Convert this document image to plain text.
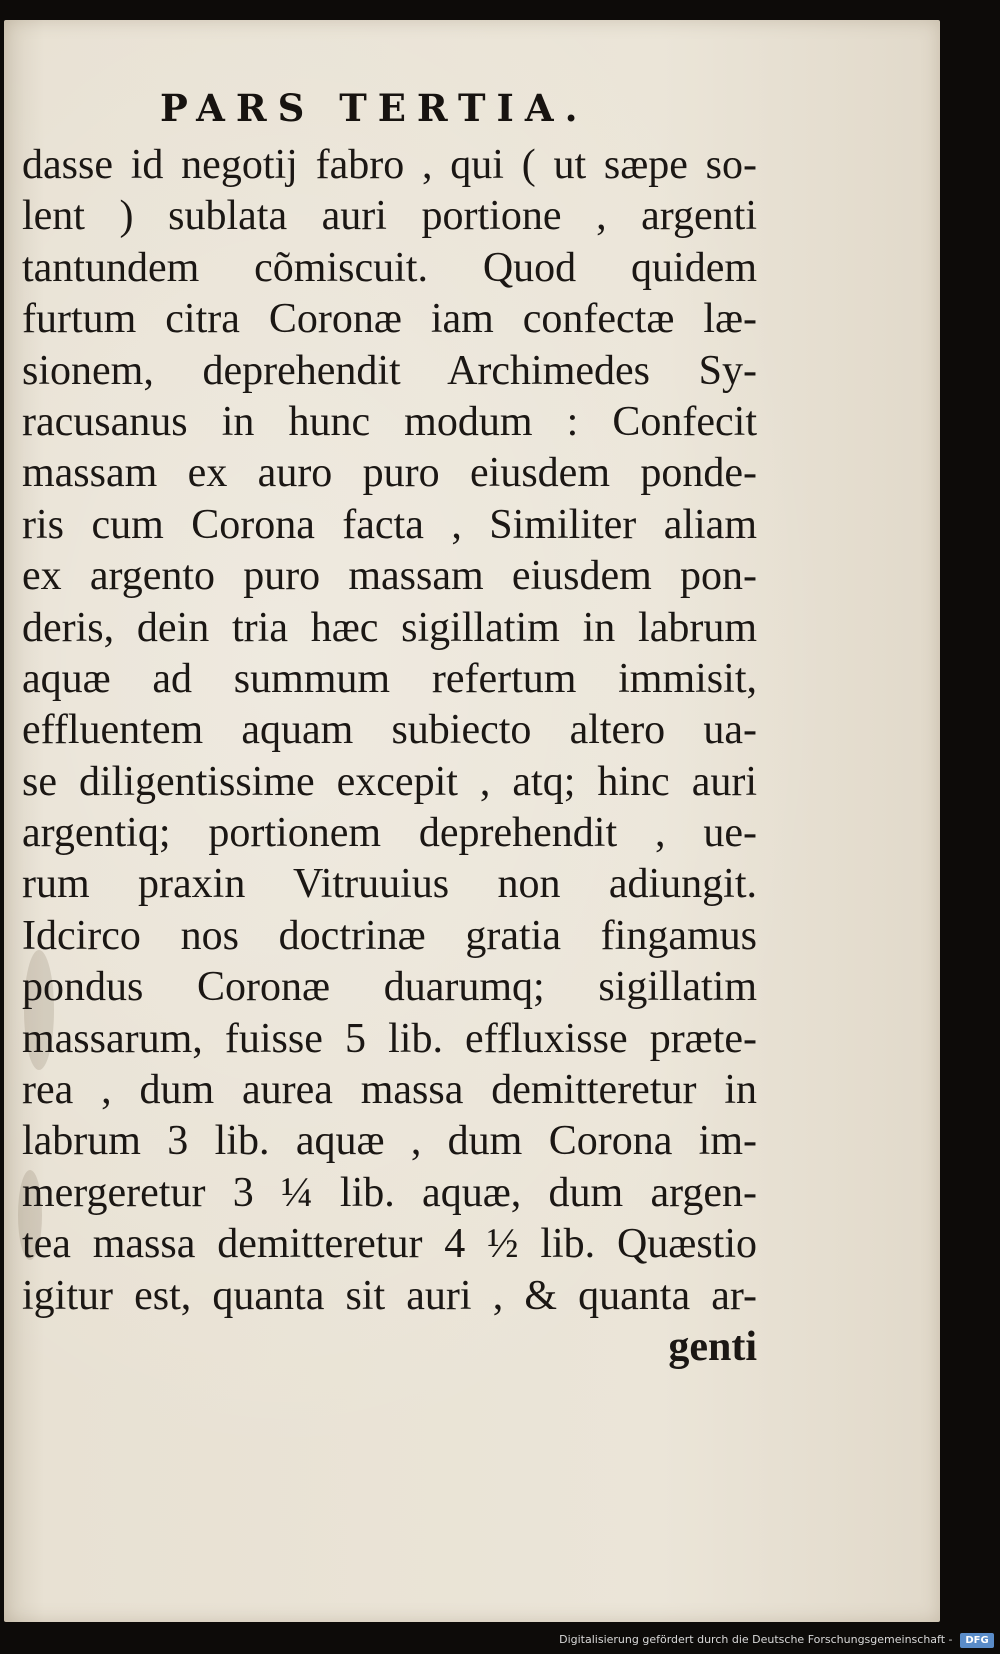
PARS TERTIA.
dasse id negotij fabro , qui ( ut sæpe so-
lent ) sublata auri portione , argenti
tantundem cõmiscuit. Quod quidem
furtum citra Coronæ iam confectæ læ-
sionem, deprehendit Archimedes Sy-
racusanus in hunc modum : Confecit
massam ex auro puro eiusdem ponde-
ris cum Corona facta , Similiter aliam
ex argento puro massam eiusdem pon-
deris, dein tria hæc sigillatim in labrum
aquæ ad summum refertum immisit,
effluentem aquam subiecto altero ua-
se diligentissime excepit , atq; hinc auri
argentiq; portionem deprehendit , ue-
rum praxin Vitruuius non adiungit.
Idcirco nos doctrinæ gratia fingamus
pondus Coronæ duarumq; sigillatim
massarum, fuisse 5 lib. effluxisse præte-
rea , dum aurea massa demitteretur in
labrum 3 lib. aquæ , dum Corona im-
mergeretur 3 ¼ lib. aquæ, dum argen-
tea massa demitteretur 4 ½ lib. Quæstio
igitur est, quanta sit auri , & quanta ar-
genti
Digitalisierung gefördert durch die Deutsche Forschungsgemeinschaft - DFG
